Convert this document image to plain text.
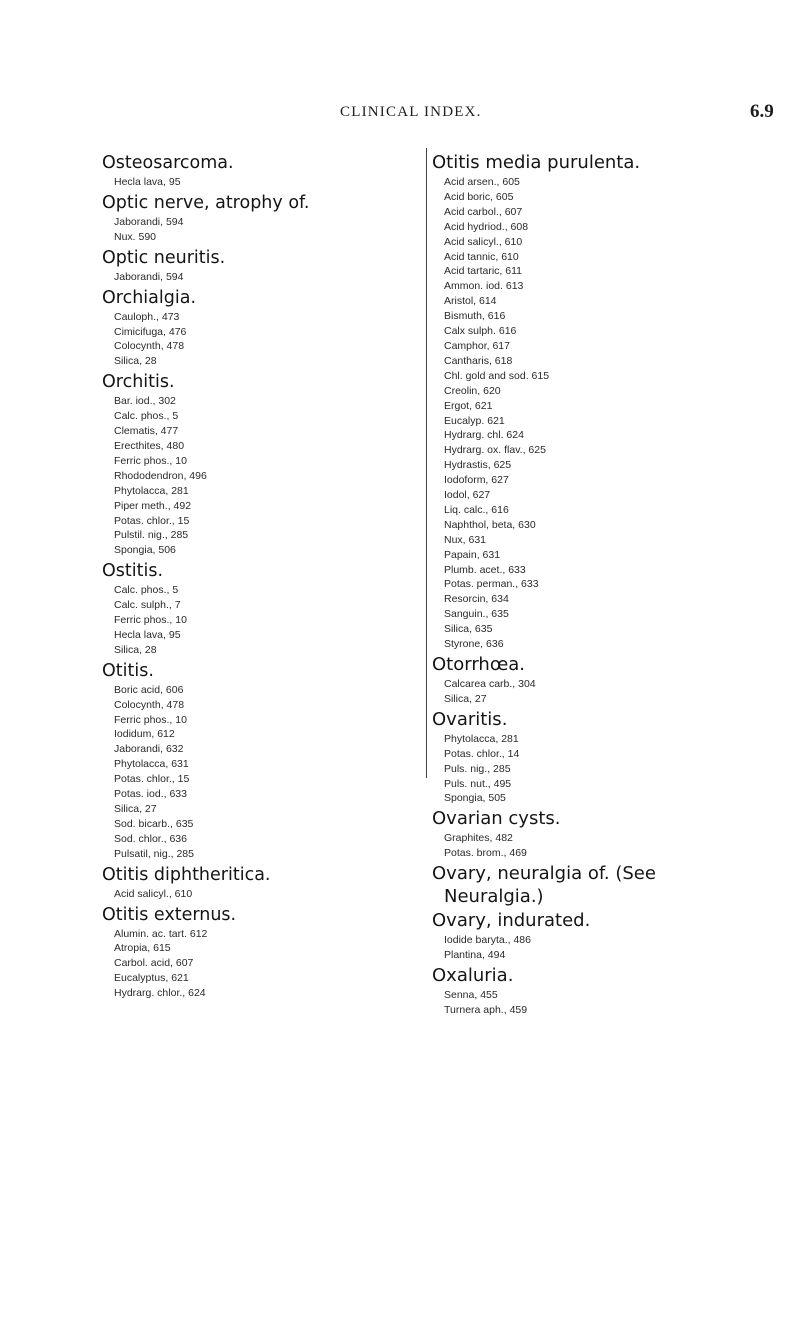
CLINICAL INDEX.	6.9
Osteosarcoma.
Hecla lava, 95
Optic nerve, atrophy of.
Jaborandi, 594
Nux. 590
Optic neuritis.
Jaborandi, 594
Orchialgia.
Cauloph., 473
Cimicifuga, 476
Colocynth, 478
Silica, 28
Orchitis.
Bar. iod., 302
Calc. phos., 5
Clematis, 477
Erecthites, 480
Ferric phos., 10
Rhododendron, 496
Phytolacca, 281
Piper meth., 492
Potas. chlor., 15
Pulstil. nig., 285
Spongia, 506
Ostitis.
Calc. phos., 5
Calc. sulph., 7
Ferric phos., 10
Hecla lava, 95
Silica, 28
Otitis.
Boric acid, 606
Colocynth, 478
Ferric phos., 10
Iodidum, 612
Jaborandi, 632
Phytolacca, 631
Potas. chlor., 15
Potas. iod., 633
Silica, 27
Sod. bicarb., 635
Sod. chlor., 636
Pulsatil, nig., 285
Otitis diphtheritica.
Acid salicyl., 610
Otitis externus.
Alumin. ac. tart. 612
Atropia, 615
Carbol. acid, 607
Eucalyptus, 621
Hydrarg. chlor., 624
Otitis media purulenta.
Acid arsen., 605
Acid boric, 605
Acid carbol., 607
Acid hydriod., 608
Acid salicyl., 610
Acid tannic, 610
Acid tartaric, 611
Ammon. iod. 613
Aristol, 614
Bismuth, 616
Calx sulph. 616
Camphor, 617
Cantharis, 618
Chl. gold and sod. 615
Creolin, 620
Ergot, 621
Eucalyp. 621
Hydrarg. chl. 624
Hydrarg. ox. flav., 625
Hydrastis, 625
Iodoform, 627
Iodol, 627
Liq. calc., 616
Naphthol, beta, 630
Nux, 631
Papain, 631
Plumb. acet., 633
Potas. perman., 633
Resorcin, 634
Sanguin., 635
Silica, 635
Styrone, 636
Otorrhœa.
Calcarea carb., 304
Silica, 27
Ovaritis.
Phytolacca, 281
Potas. chlor., 14
Puls. nig., 285
Puls. nut., 495
Spongia, 505
Ovarian cysts.
Graphites, 482
Potas. brom., 469
Ovary, neuralgia of. (See
Neuralgia.)
Ovary, indurated.
Iodide baryta., 486
Plantina, 494
Oxaluria.
Senna, 455
Turnera aph., 459
